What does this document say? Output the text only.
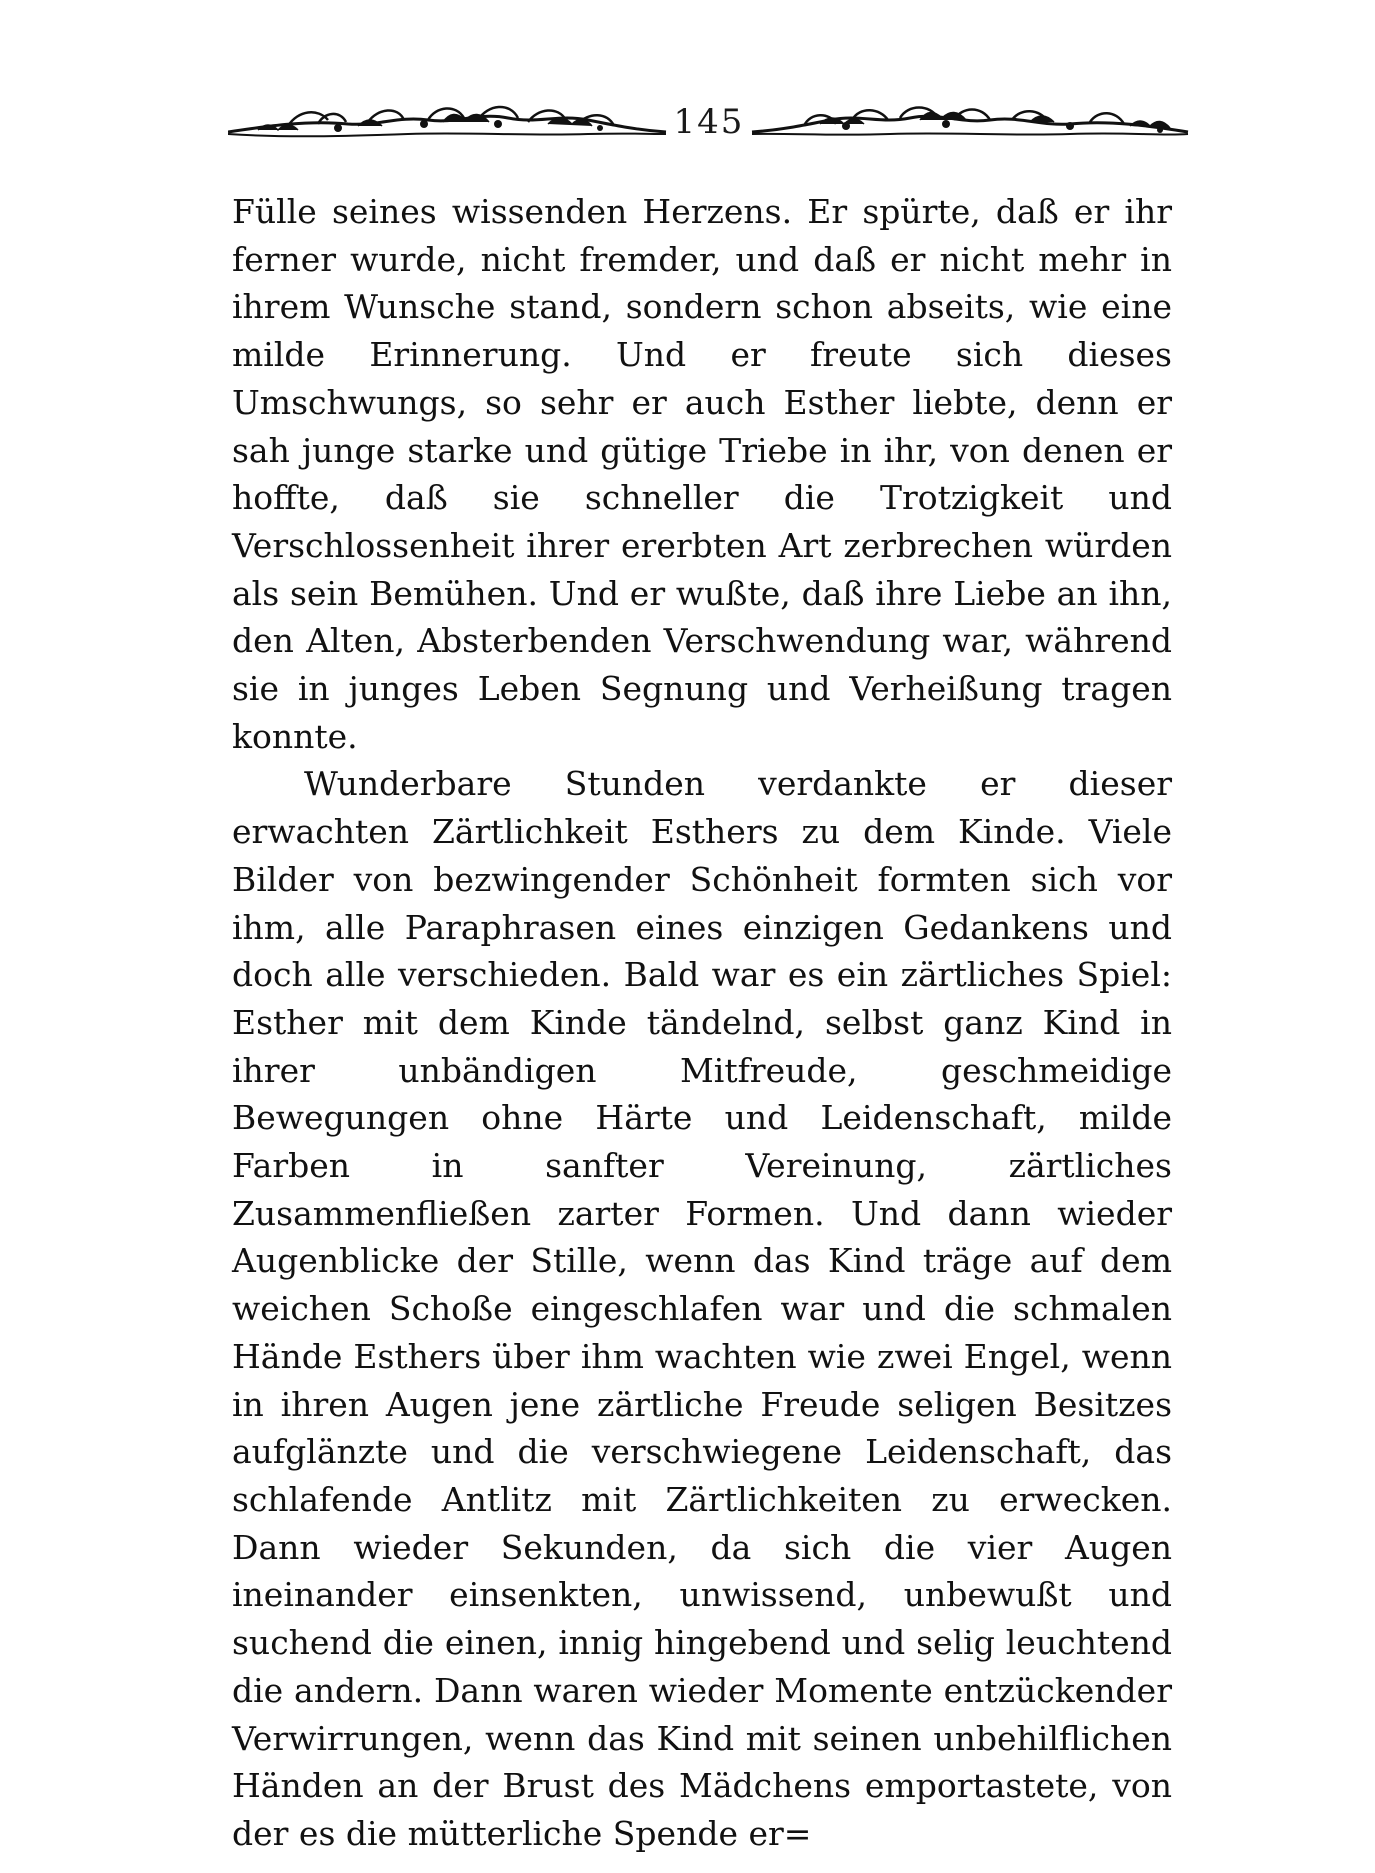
145

Fülle seines wissenden Herzens. Er spürte, daß er ihr ferner wurde, nicht fremder, und daß er nicht mehr in ihrem Wunsche stand, sondern schon abseits, wie eine milde Erinnerung. Und er freute sich dieses Umschwungs, so sehr er auch Esther liebte, denn er sah junge starke und gütige Triebe in ihr, von denen er hoffte, daß sie schneller die Trotzigkeit und Verschlossenheit ihrer ererbten Art zerbrechen würden als sein Bemühen. Und er wußte, daß ihre Liebe an ihn, den Alten, Absterbenden Verschwendung war, während sie in junges Leben Segnung und Verheißung tragen konnte.

Wunderbare Stunden verdankte er dieser erwachten Zärtlichkeit Esthers zu dem Kinde. Viele Bilder von bezwingender Schönheit formten sich vor ihm, alle Paraphrasen eines einzigen Gedankens und doch alle verschieden. Bald war es ein zärtliches Spiel: Esther mit dem Kinde tändelnd, selbst ganz Kind in ihrer unbändigen Mitfreude, geschmeidige Bewegungen ohne Härte und Leidenschaft, milde Farben in sanfter Vereinung, zärtliches Zusammenfließen zarter Formen. Und dann wieder Augenblicke der Stille, wenn das Kind träge auf dem weichen Schoße eingeschlafen war und die schmalen Hände Esthers über ihm wachten wie zwei Engel, wenn in ihren Augen jene zärtliche Freude seligen Besitzes aufglänzte und die verschwiegene Leidenschaft, das schlafende Antlitz mit Zärtlichkeiten zu erwecken. Dann wieder Sekunden, da sich die vier Augen ineinander einsenkten, unwissend, unbewußt und suchend die einen, innig hingebend und selig leuchtend die andern. Dann waren wieder Momente entzückender Verwirrungen, wenn das Kind mit seinen unbehilflichen Händen an der Brust des Mädchens emportastete, von der es die mütterliche Spende er=
